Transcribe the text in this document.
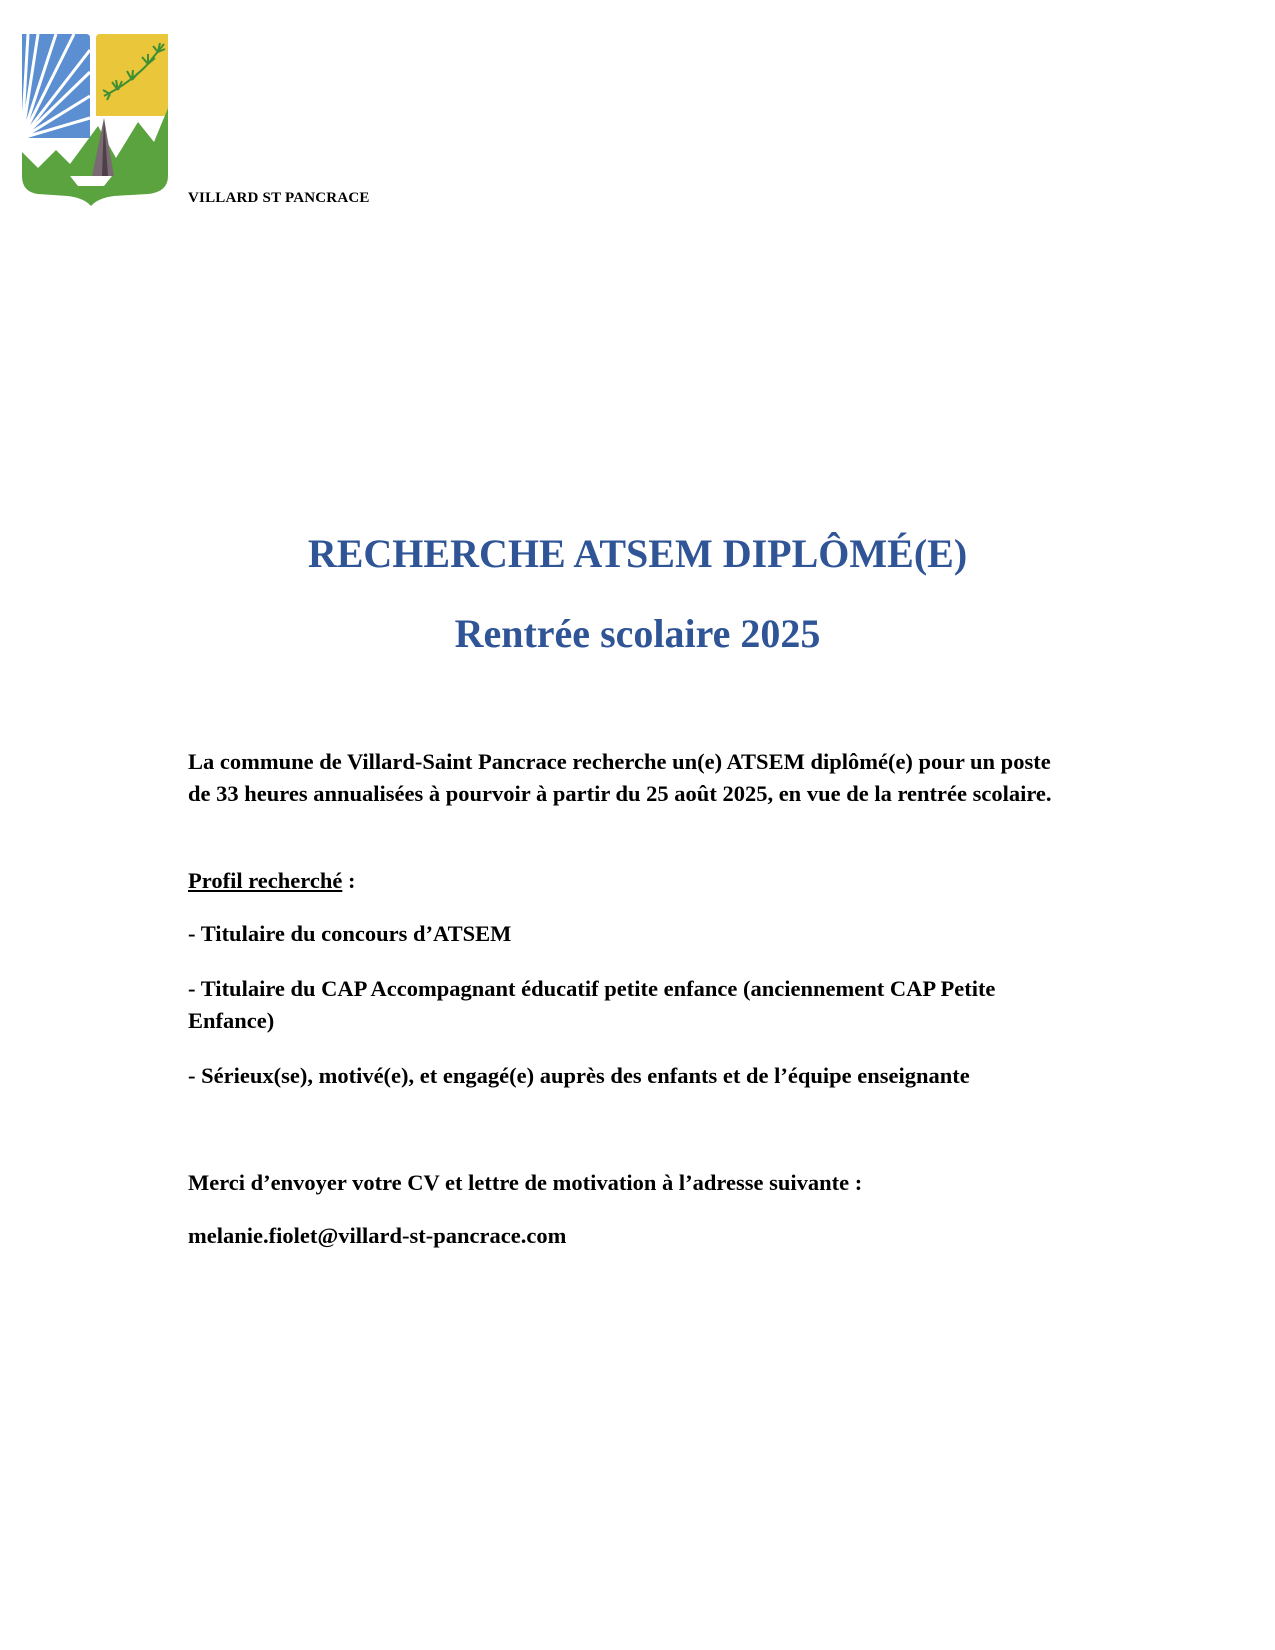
VILLARD ST PANCRACE

RECHERCHE ATSEM DIPLÔMÉ(E)
Rentrée scolaire 2025

La commune de Villard-Saint Pancrace recherche un(e) ATSEM diplômé(e) pour un poste de 33 heures annualisées à pourvoir à partir du 25 août 2025, en vue de la rentrée scolaire.

Profil recherché :

- Titulaire du concours d’ATSEM

- Titulaire du CAP Accompagnant éducatif petite enfance (anciennement CAP Petite Enfance)

- Sérieux(se), motivé(e), et engagé(e) auprès des enfants et de l’équipe enseignante

Merci d’envoyer votre CV et lettre de motivation à l’adresse suivante :

melanie.fiolet@villard-st-pancrace.com
